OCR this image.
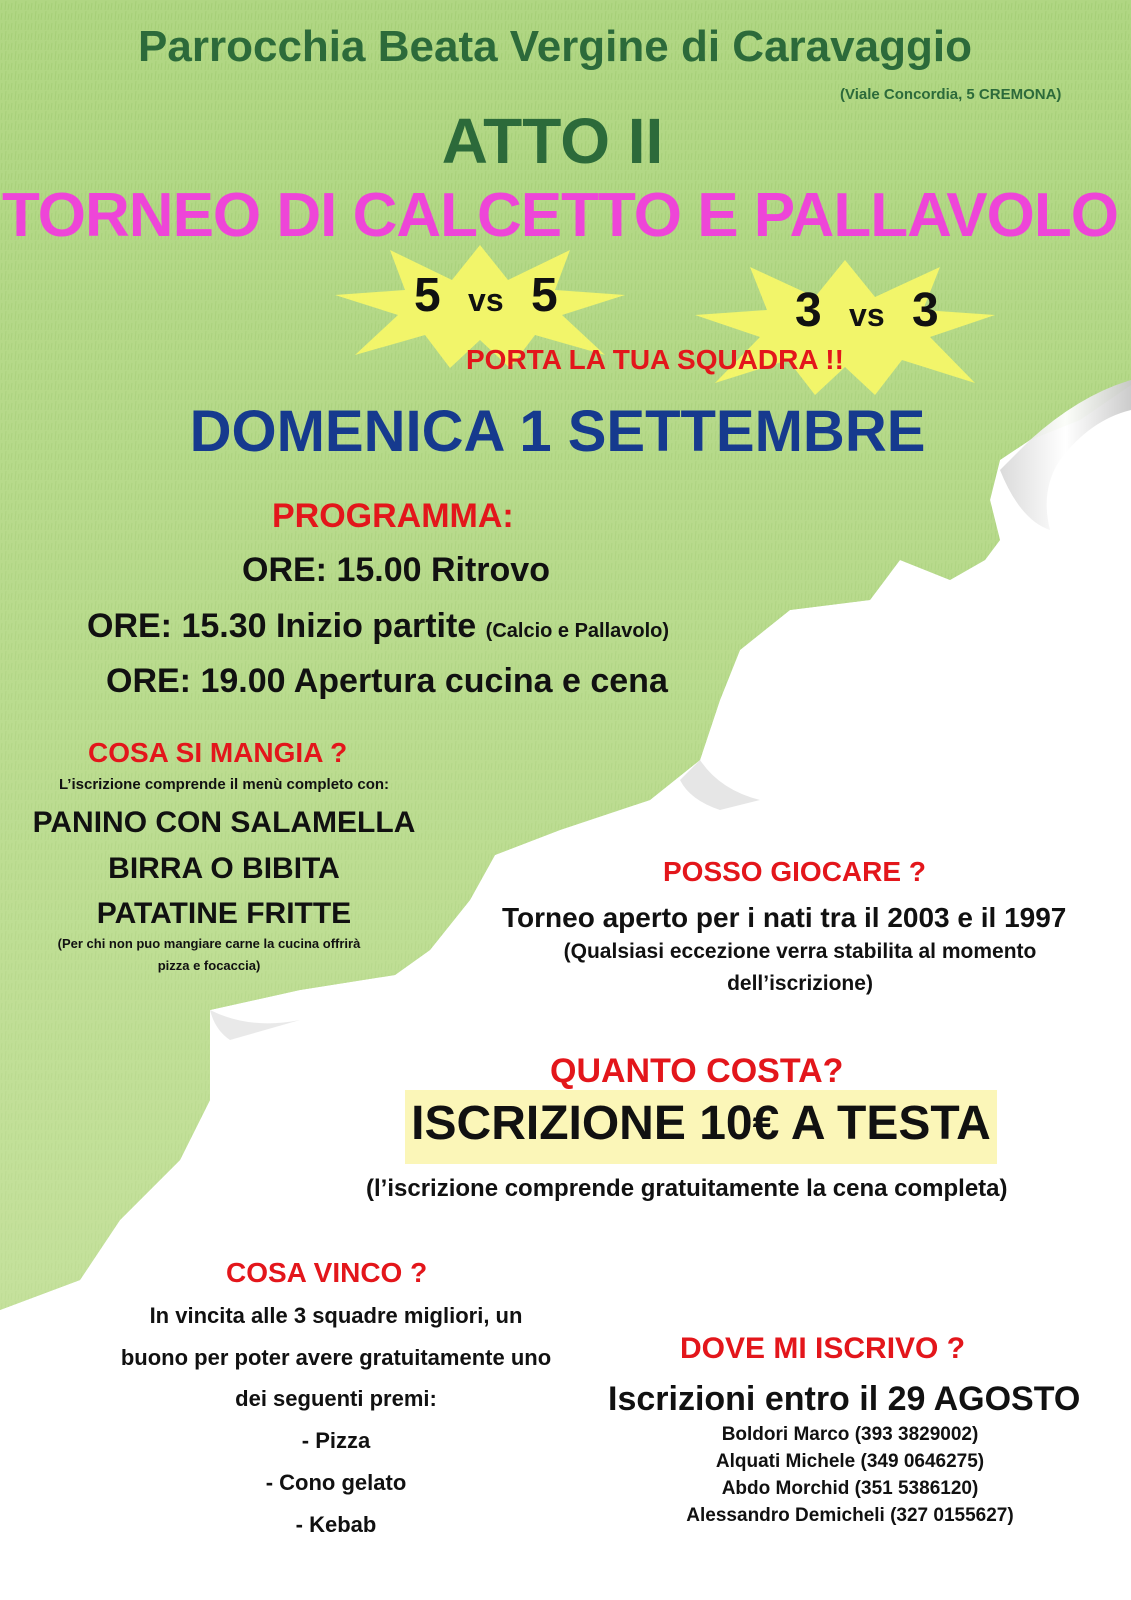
Parrocchia Beata Vergine di Caravaggio
(Viale Concordia, 5 CREMONA)
ATTO II
TORNEO DI CALCETTO E PALLAVOLO
5 vs 5	3 vs 3
PORTA LA TUA SQUADRA !!
DOMENICA 1 SETTEMBRE
PROGRAMMA:
ORE: 15.00 Ritrovo
ORE: 15.30 Inizio partite (Calcio e Pallavolo)
ORE: 19.00 Apertura cucina e cena
COSA SI MANGIA ?
L’iscrizione comprende il menù completo con:
PANINO CON SALAMELLA
BIRRA O BIBITA
PATATINE FRITTE
(Per chi non puo mangiare carne la cucina offrirà
pizza e focaccia)
POSSO GIOCARE ?
Torneo aperto per i nati tra il 2003 e il 1997
(Qualsiasi eccezione verra stabilita al momento
dell’iscrizione)
QUANTO COSTA?
ISCRIZIONE 10€ A TESTA
(l’iscrizione comprende gratuitamente la cena completa)
COSA VINCO ?
In vincita alle 3 squadre migliori, un
buono per poter avere gratuitamente uno
dei seguenti premi:
- Pizza
- Cono gelato
- Kebab
DOVE MI ISCRIVO ?
Iscrizioni entro il 29 AGOSTO
Boldori Marco (393 3829002)
Alquati Michele (349 0646275)
Abdo Morchid (351 5386120)
Alessandro Demicheli (327 0155627)
